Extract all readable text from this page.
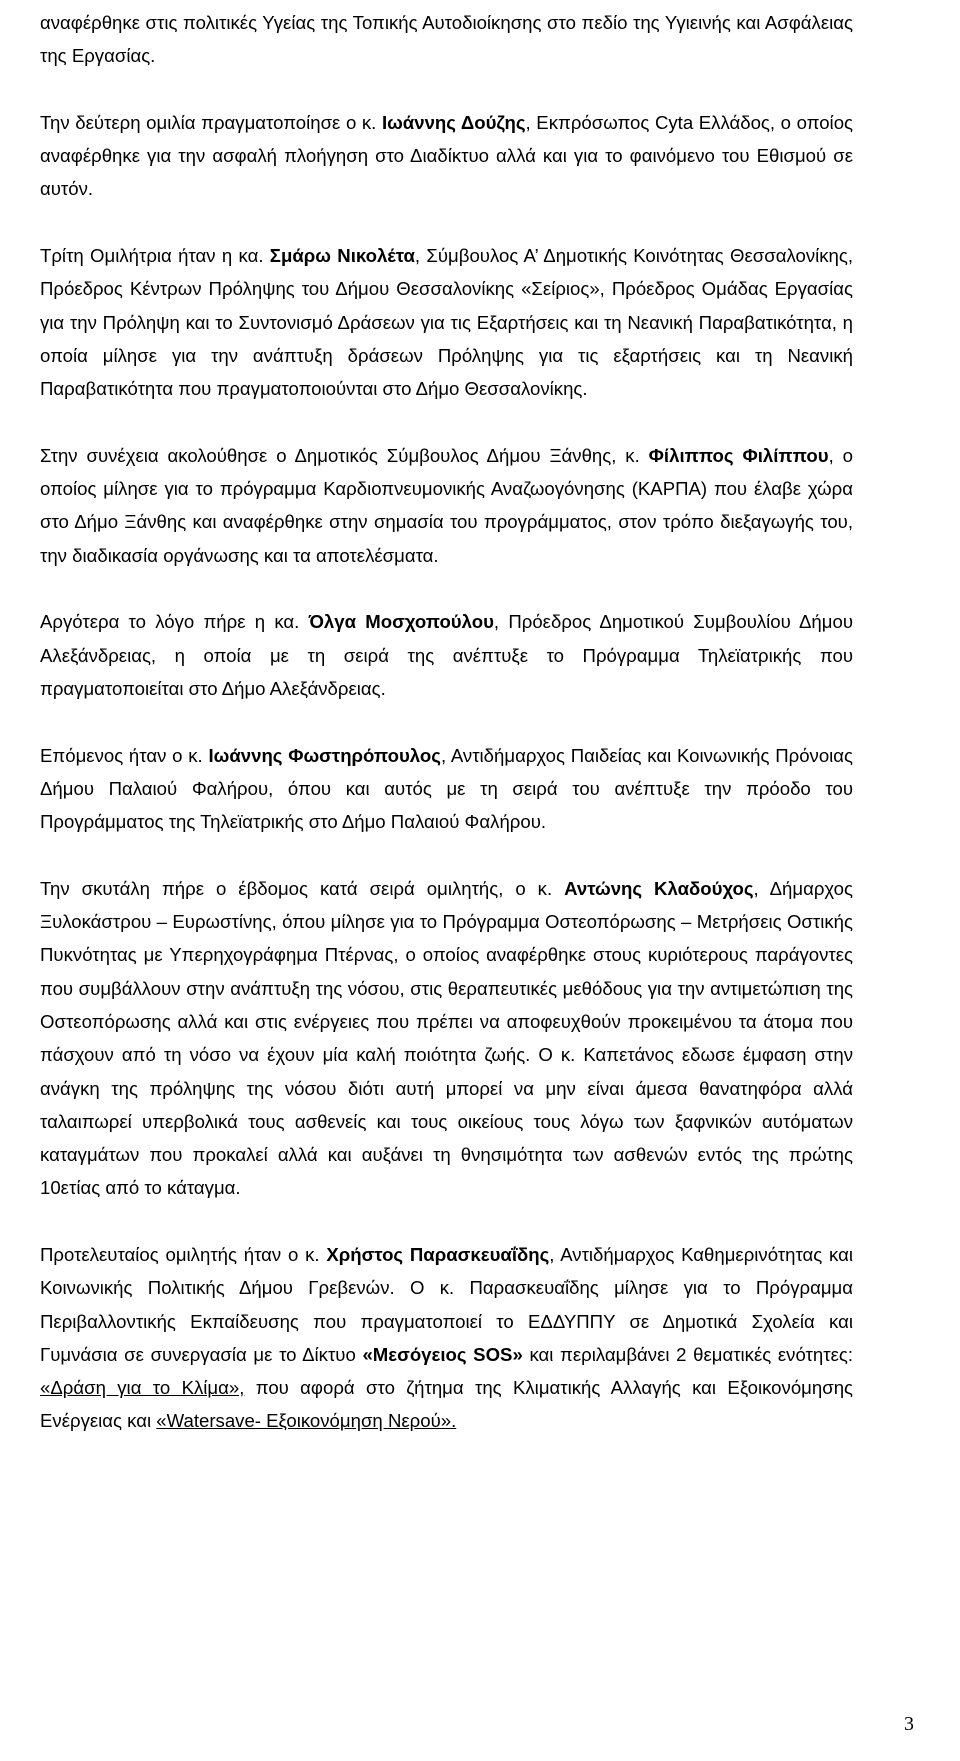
αναφέρθηκε στις πολιτικές Υγείας της Τοπικής Αυτοδιοίκησης στο πεδίο της Υγιεινής και Ασφάλειας της Εργασίας.

Την δεύτερη ομιλία πραγματοποίησε ο κ. Ιωάννης Δούζης, Εκπρόσωπος Cyta Ελλάδος, ο οποίος αναφέρθηκε για την ασφαλή πλοήγηση στο Διαδίκτυο αλλά και για το φαινόμενο του Εθισμού σε αυτόν.

Τρίτη Ομιλήτρια ήταν η κα. Σμάρω Νικολέτα, Σύμβουλος Α’ Δημοτικής Κοινότητας Θεσσαλονίκης, Πρόεδρος Κέντρων Πρόληψης του Δήμου Θεσσαλονίκης «Σείριος», Πρόεδρος Ομάδας Εργασίας για την Πρόληψη και το Συντονισμό Δράσεων για τις Εξαρτήσεις και τη Νεανική Παραβατικότητα, η οποία μίλησε για την ανάπτυξη δράσεων Πρόληψης για τις εξαρτήσεις και τη Νεανική Παραβατικότητα που πραγματοποιούνται στο Δήμο Θεσσαλονίκης.

Στην συνέχεια ακολούθησε ο Δημοτικός Σύμβουλος Δήμου Ξάνθης, κ. Φίλιππος Φιλίππου, ο οποίος μίλησε για το πρόγραμμα Καρδιοπνευμονικής Αναζωογόνησης (ΚΑΡΠΑ) που έλαβε χώρα στο Δήμο Ξάνθης και αναφέρθηκε στην σημασία του προγράμματος, στον τρόπο διεξαγωγής του, την διαδικασία οργάνωσης και τα αποτελέσματα.

Αργότερα το λόγο πήρε η κα. Όλγα Μοσχοπούλου, Πρόεδρος Δημοτικού Συμβουλίου Δήμου Αλεξάνδρειας, η οποία με τη σειρά της ανέπτυξε το Πρόγραμμα Τηλεϊατρικής που πραγματοποιείται στο Δήμο Αλεξάνδρειας.

Επόμενος ήταν ο κ. Ιωάννης Φωστηρόπουλος, Αντιδήμαρχος Παιδείας και Κοινωνικής Πρόνοιας Δήμου Παλαιού Φαλήρου, όπου και αυτός με τη σειρά του ανέπτυξε την πρόοδο του Προγράμματος της Τηλεϊατρικής στο Δήμο Παλαιού Φαλήρου.

Την σκυτάλη πήρε ο έβδομος κατά σειρά ομιλητής, ο κ. Αντώνης Κλαδούχος, Δήμαρχος Ξυλοκάστρου – Ευρωστίνης, όπου μίλησε για το Πρόγραμμα Οστεοπόρωσης – Μετρήσεις Οστικής Πυκνότητας με Υπερηχογράφημα Πτέρνας, ο οποίος αναφέρθηκε στους κυριότερους παράγοντες που συμβάλλουν στην ανάπτυξη της νόσου, στις θεραπευτικές μεθόδους για την αντιμετώπιση της Οστεοπόρωσης αλλά και στις ενέργειες που πρέπει να αποφευχθούν προκειμένου τα άτομα που πάσχουν από τη νόσο να έχουν μία καλή ποιότητα ζωής. Ο κ. Καπετάνος εδωσε έμφαση στην ανάγκη της πρόληψης της νόσου διότι αυτή μπορεί να μην είναι άμεσα θανατηφόρα αλλά ταλαιπωρεί υπερβολικά τους ασθενείς και τους οικείους τους λόγω των ξαφνικών αυτόματων καταγμάτων που προκαλεί αλλά και αυξάνει τη θνησιμότητα των ασθενών εντός της πρώτης 10ετίας από το κάταγμα.

Προτελευταίος ομιλητής ήταν ο κ. Χρήστος Παρασκευαΐδης, Αντιδήμαρχος Καθημερινότητας και Κοινωνικής Πολιτικής Δήμου Γρεβενών. Ο κ. Παρασκευαΐδης μίλησε για το Πρόγραμμα Περιβαλλοντικής Εκπαίδευσης που πραγματοποιεί το ΕΔΔΥΠΠΥ σε Δημοτικά Σχολεία και Γυμνάσια σε συνεργασία με το Δίκτυο «Μεσόγειος SOS» και περιλαμβάνει 2 θεματικές ενότητες: «Δράση για το Κλίμα», που αφορά στο ζήτημα της Κλιματικής Αλλαγής και Εξοικονόμησης Ενέργειας και «Watersave- Εξοικονόμηση Νερού».

3
